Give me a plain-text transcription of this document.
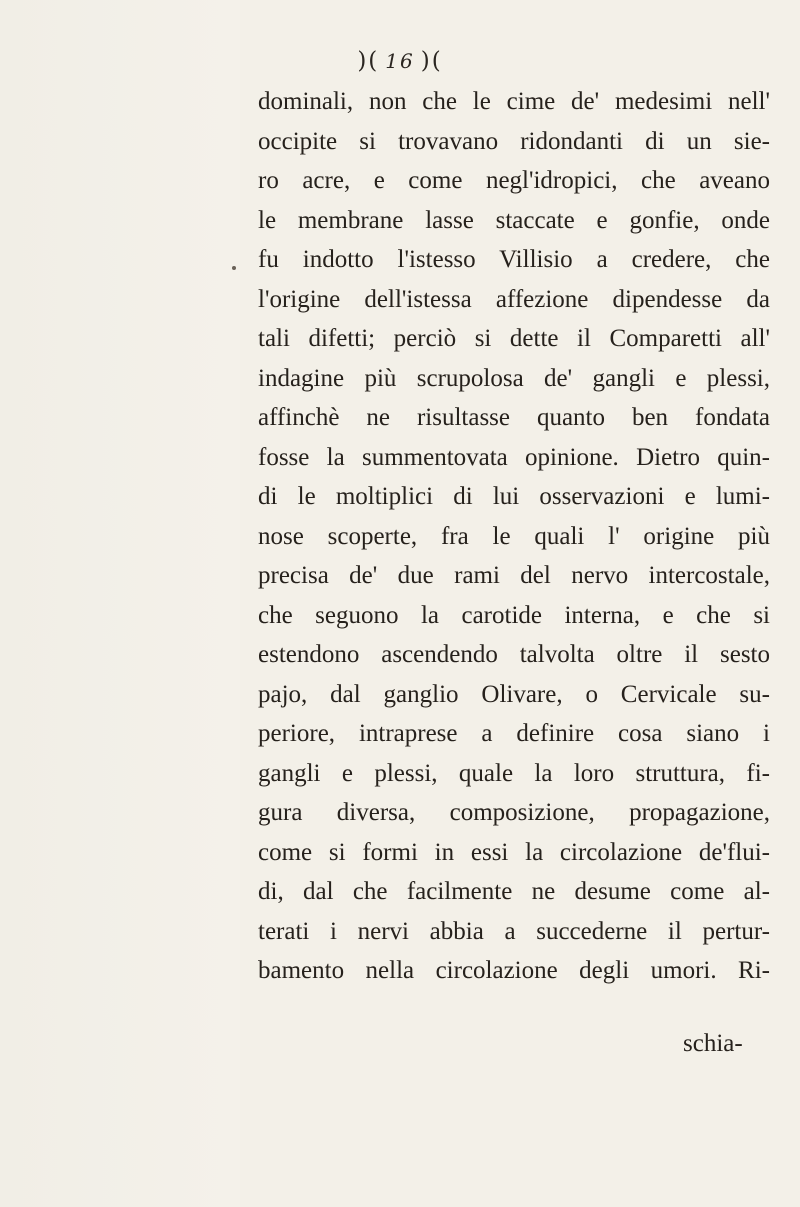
)( 16 )(
dominali, non che le cime de' medesimi nell'
occipite si trovavano ridondanti di un sie-
ro acre, e come negl'idropici, che aveano
le membrane lasse staccate e gonfie, onde
fu indotto l'istesso Villisio a credere, che
l'origine dell'istessa affezione dipendesse da
tali difetti; perciò si dette il Comparetti all'
indagine più scrupolosa de' gangli e plessi,
affinchè ne risultasse quanto ben fondata
fosse la summentovata opinione. Dietro quin-
di le moltiplici di lui osservazioni e lumi-
nose scoperte, fra le quali l' origine più
precisa de' due rami del nervo intercostale,
che seguono la carotide interna, e che si
estendono ascendendo talvolta oltre il sesto
pajo, dal ganglio Olivare, o Cervicale su-
periore, intraprese a definire cosa siano i
gangli e plessi, quale la loro struttura, fi-
gura diversa, composizione, propagazione,
come si formi in essi la circolazione de'flui-
di, dal che facilmente ne desume come al-
terati i nervi abbia a succederne il pertur-
bamento nella circolazione degli umori. Ri-
schia-
